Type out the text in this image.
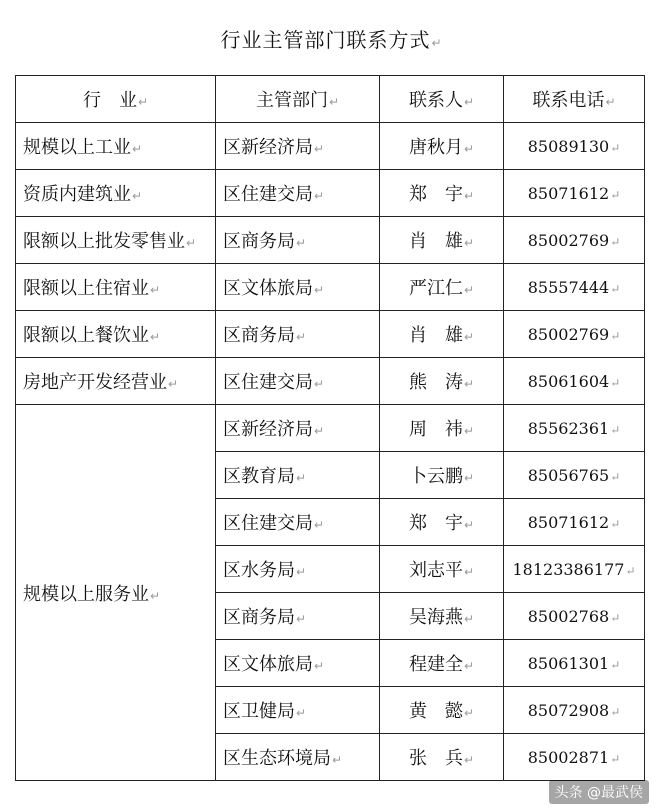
行业主管部门联系方式↵
行　业↵	主管部门↵	联系人↵	联系电话↵
规模以上工业↵	区新经济局↵	唐秋月↵	85089130↵
资质内建筑业↵	区住建交局↵	郑　宇↵	85071612↵
限额以上批发零售业↵	区商务局↵	肖　雄↵	85002769↵
限额以上住宿业↵	区文体旅局↵	严江仁↵	85557444↵
限额以上餐饮业↵	区商务局↵	肖　雄↵	85002769↵
房地产开发经营业↵	区住建交局↵	熊　涛↵	85061604↵
规模以上服务业↵	区新经济局↵	周　祎↵	85562361↵
	区教育局↵	卜云鹏↵	85056765↵
	区住建交局↵	郑　宇↵	85071612↵
	区水务局↵	刘志平↵	18123386177↵
	区商务局↵	吴海燕↵	85002768↵
	区文体旅局↵	程建全↵	85061301↵
	区卫健局↵	黄　懿↵	85072908↵
	区生态环境局↵	张　兵↵	85002871↵
头条 @最武侯
